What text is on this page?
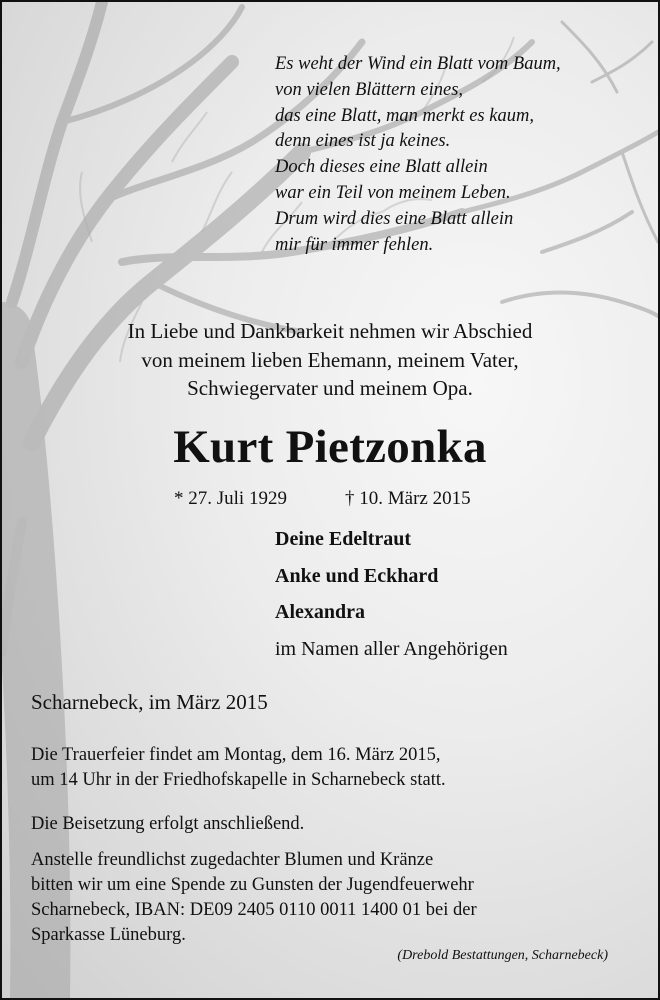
Es weht der Wind ein Blatt vom Baum,
von vielen Blättern eines,
das eine Blatt, man merkt es kaum,
denn eines ist ja keines.
Doch dieses eine Blatt allein
war ein Teil von meinem Leben.
Drum wird dies eine Blatt allein
mir für immer fehlen.
In Liebe und Dankbarkeit nehmen wir Abschied
von meinem lieben Ehemann, meinem Vater,
Schwiegervater und meinem Opa.
Kurt Pietzonka
* 27. Juli 1929	† 10. März 2015
Deine Edeltraut
Anke und Eckhard
Alexandra
im Namen aller Angehörigen
Scharnebeck, im März 2015
Die Trauerfeier findet am Montag, dem 16. März 2015,
um 14 Uhr in der Friedhofskapelle in Scharnebeck statt.
Die Beisetzung erfolgt anschließend.
Anstelle freundlichst zugedachter Blumen und Kränze
bitten wir um eine Spende zu Gunsten der Jugendfeuerwehr
Scharnebeck, IBAN: DE09 2405 0110 0011 1400 01 bei der
Sparkasse Lüneburg.
(Drebold Bestattungen, Scharnebeck)
